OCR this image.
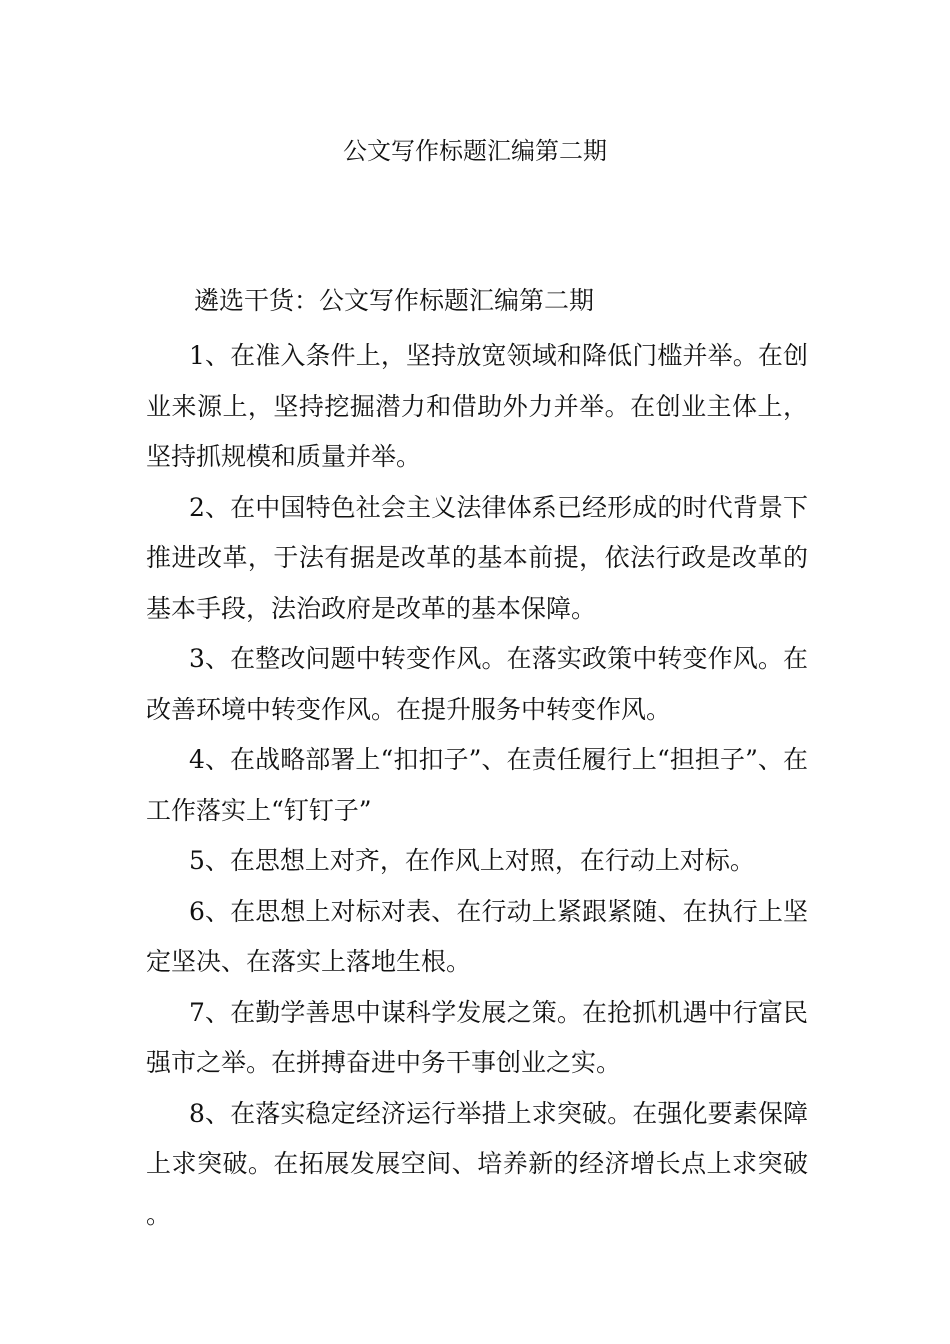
公文写作标题汇编第二期
遴选干货：公文写作标题汇编第二期

1、在准入条件上，坚持放宽领域和降低门槛并举。在创业来源上，坚持挖掘潜力和借助外力并举。在创业主体上，坚持抓规模和质量并举。

2、在中国特色社会主义法律体系已经形成的时代背景下推进改革，于法有据是改革的基本前提，依法行政是改革的基本手段，法治政府是改革的基本保障。

3、在整改问题中转变作风。在落实政策中转变作风。在改善环境中转变作风。在提升服务中转变作风。

4、在战略部署上“扣扣子”、在责任履行上“担担子”、在工作落实上“钉钉子”

5、在思想上对齐，在作风上对照，在行动上对标。

6、在思想上对标对表、在行动上紧跟紧随、在执行上坚定坚决、在落实上落地生根。

7、在勤学善思中谋科学发展之策。在抢抓机遇中行富民强市之举。在拼搏奋进中务干事创业之实。

8、在落实稳定经济运行举措上求突破。在强化要素保障上求突破。在拓展发展空间、培养新的经济增长点上求突破。
